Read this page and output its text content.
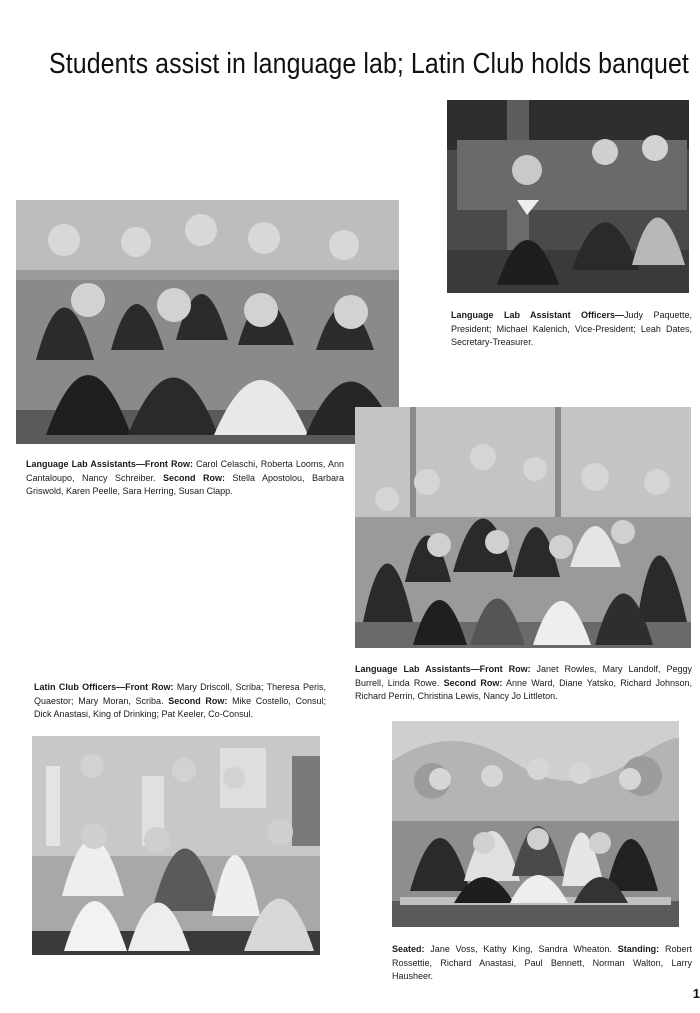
Students assist in language lab; Latin Club holds banquet
Language Lab Assistant Officers—Judy Paquette, President; Michael Kalenich, Vice-President; Leah Dates, Secretary-Treasurer.
Language Lab Assistants—Front Row: Carol Celaschi, Roberta Looms, Ann Cantaloupo, Nancy Schreiber. Second Row: Stella Apostolou, Barbara Griswold, Karen Peelle, Sara Herring, Susan Clapp.
Language Lab Assistants—Front Row: Janet Rowles, Mary Landolf, Peggy Burrell, Linda Rowe. Second Row: Anne Ward, Diane Yatsko, Richard Johnson, Richard Perrin, Christina Lewis, Nancy Jo Littleton.
Latin Club Officers—Front Row: Mary Driscoll, Scriba; Theresa Peris, Quaestor; Mary Moran, Scriba. Second Row: Mike Costello, Consul; Dick Anastasi, King of Drinking; Pat Keeler, Co-Consul.
Seated: Jane Voss, Kathy King, Sandra Wheaton. Standing: Robert Rossettie, Richard Anastasi, Paul Bennett, Norman Walton, Larry Hausheer.
1
